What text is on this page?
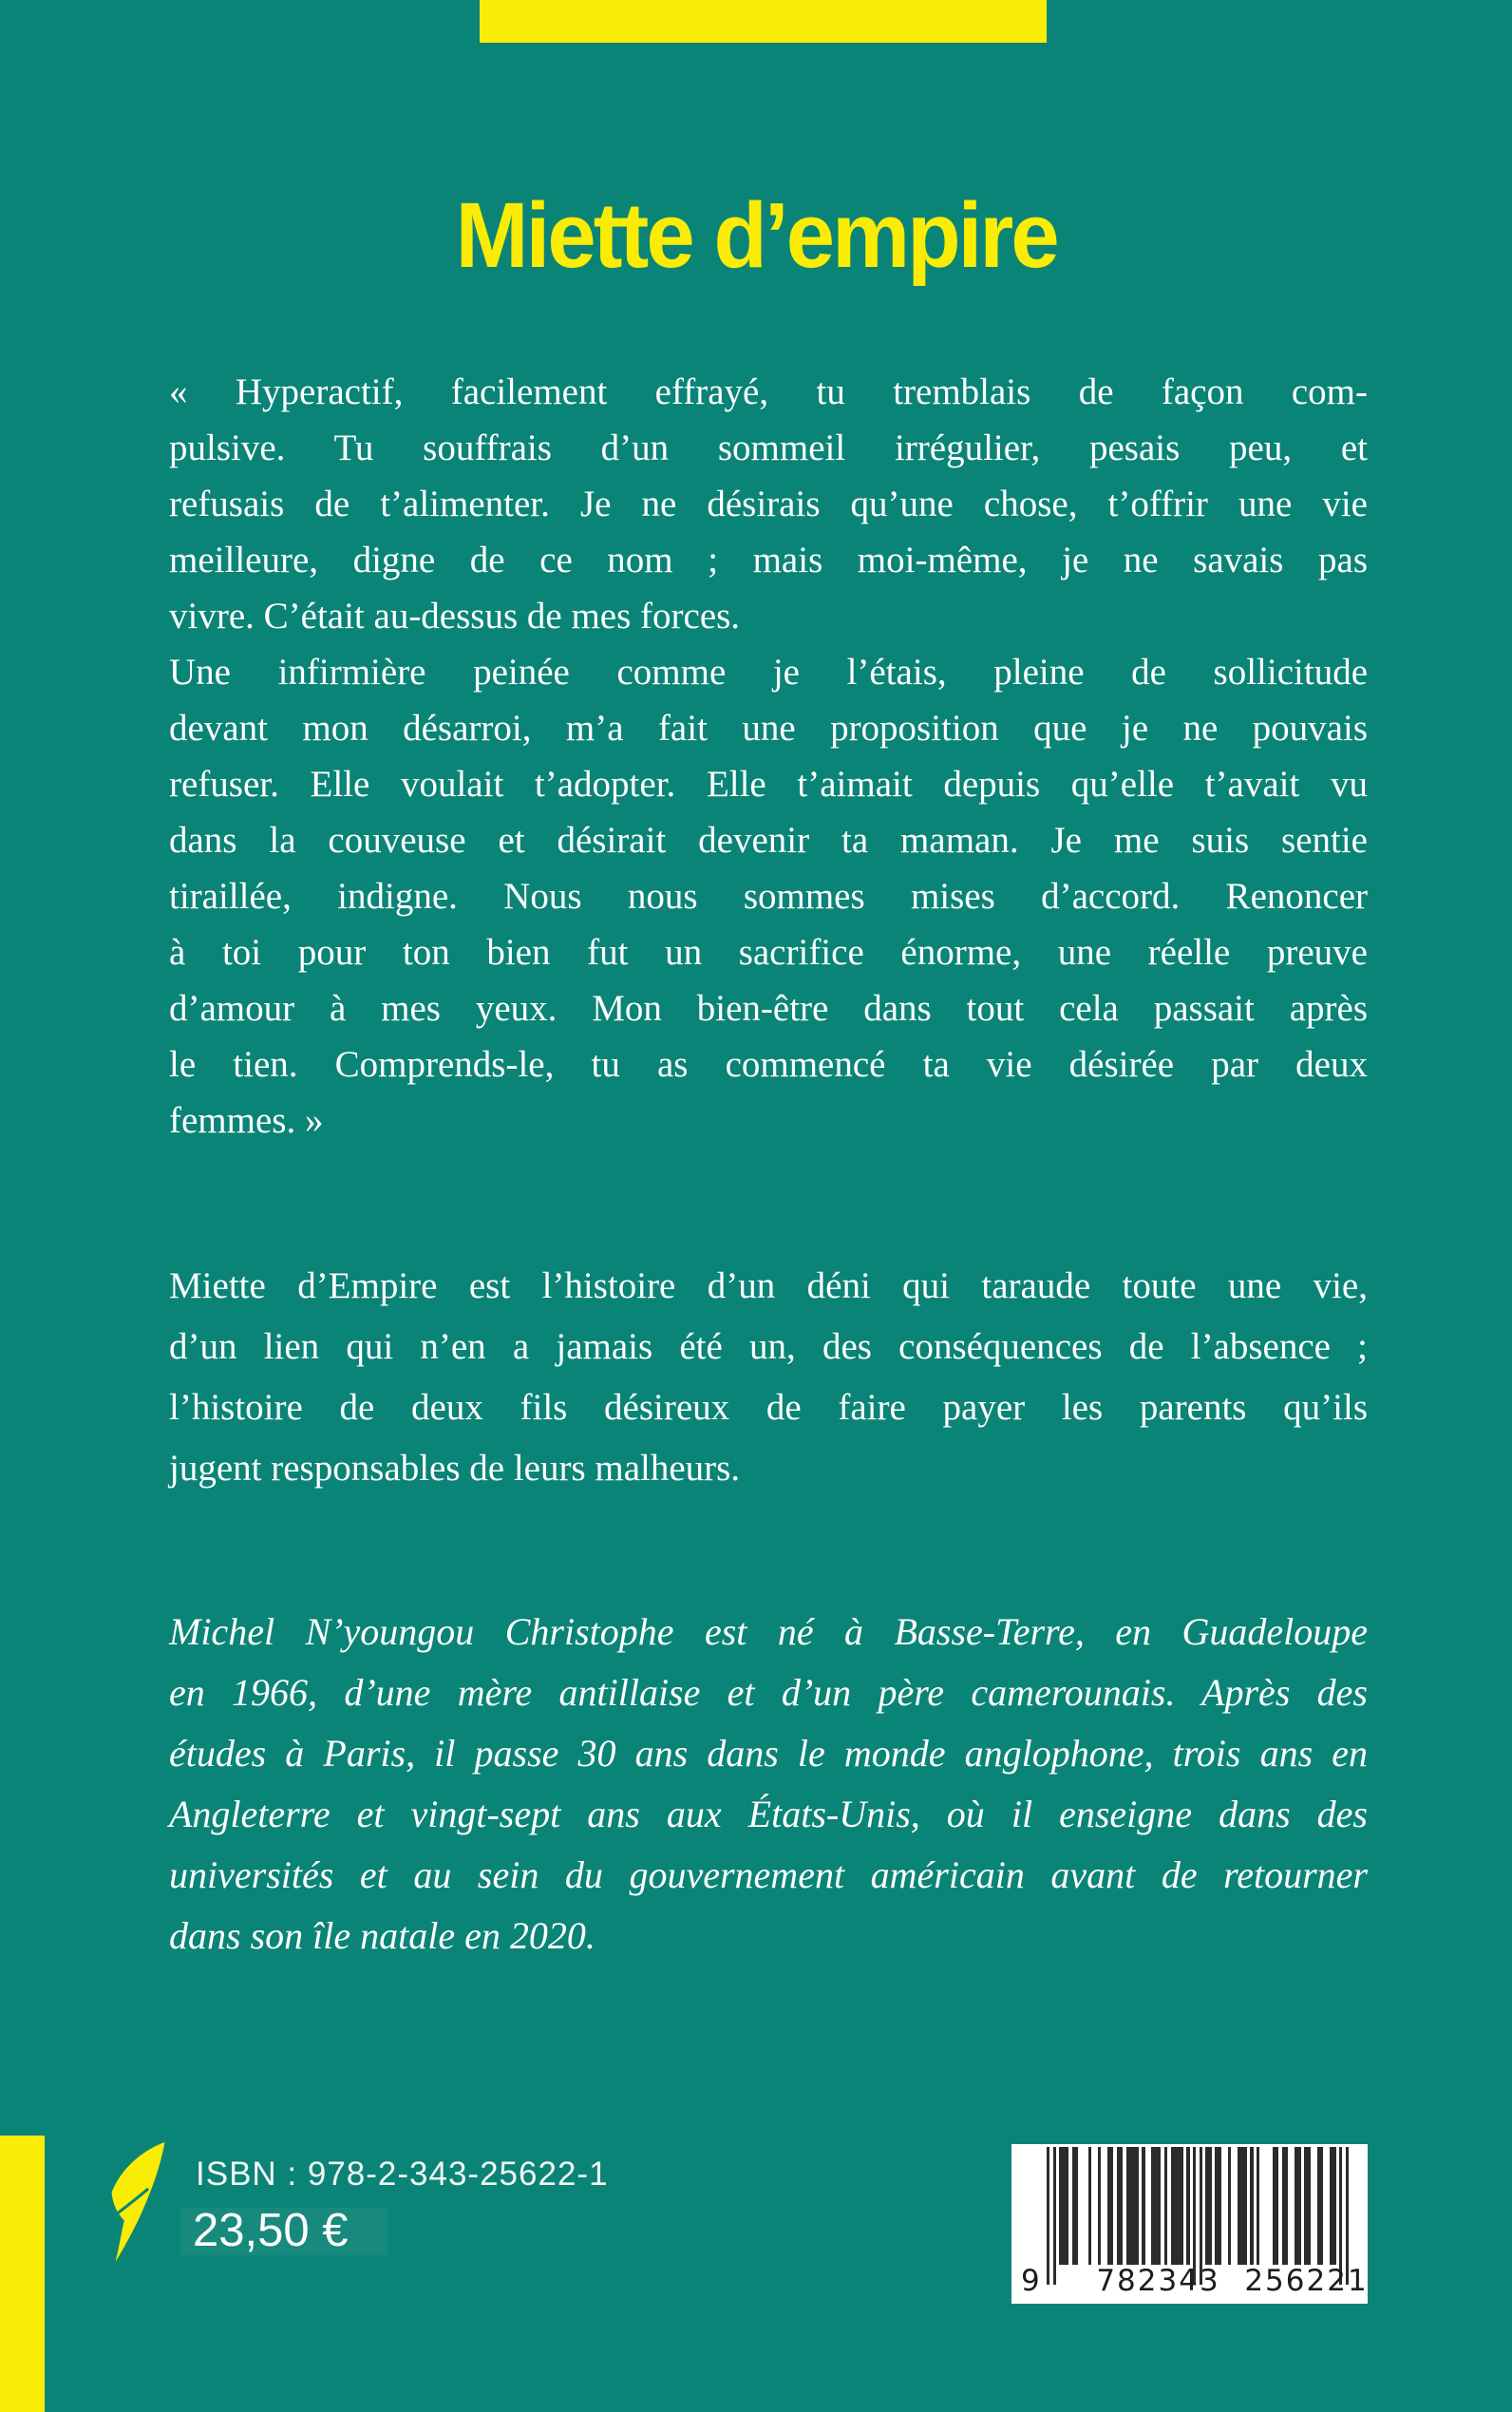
Miette d’empire
« Hyperactif, facilement effrayé, tu tremblais de façon com-
pulsive. Tu souffrais d’un sommeil irrégulier, pesais peu, et
refusais de t’alimenter. Je ne désirais qu’une chose, t’offrir une vie
meilleure, digne de ce nom ; mais moi-même, je ne savais pas
vivre. C’était au-dessus de mes forces.
Une infirmière peinée comme je l’étais, pleine de sollicitude
devant mon désarroi, m’a fait une proposition que je ne pouvais
refuser. Elle voulait t’adopter. Elle t’aimait depuis qu’elle t’avait vu
dans la couveuse et désirait devenir ta maman. Je me suis sentie
tiraillée, indigne. Nous nous sommes mises d’accord. Renoncer
à toi pour ton bien fut un sacrifice énorme, une réelle preuve
d’amour à mes yeux. Mon bien-être dans tout cela passait après
le tien. Comprends-le, tu as commencé ta vie désirée par deux
femmes. »
Miette d’Empire est l’histoire d’un déni qui taraude toute une vie,
d’un lien qui n’en a jamais été un, des conséquences de l’absence ;
l’histoire de deux fils désireux de faire payer les parents qu’ils
jugent responsables de leurs malheurs.
Michel N’youngou Christophe est né à Basse-Terre, en Guadeloupe
en 1966, d’une mère antillaise et d’un père camerounais. Après des
études à Paris, il passe 30 ans dans le monde anglophone, trois ans en
Angleterre et vingt-sept ans aux États-Unis, où il enseigne dans des
universités et au sein du gouvernement américain avant de retourner
dans son île natale en 2020.
ISBN : 978-2-343-25622-1
23,50 €
9 782343 256221
